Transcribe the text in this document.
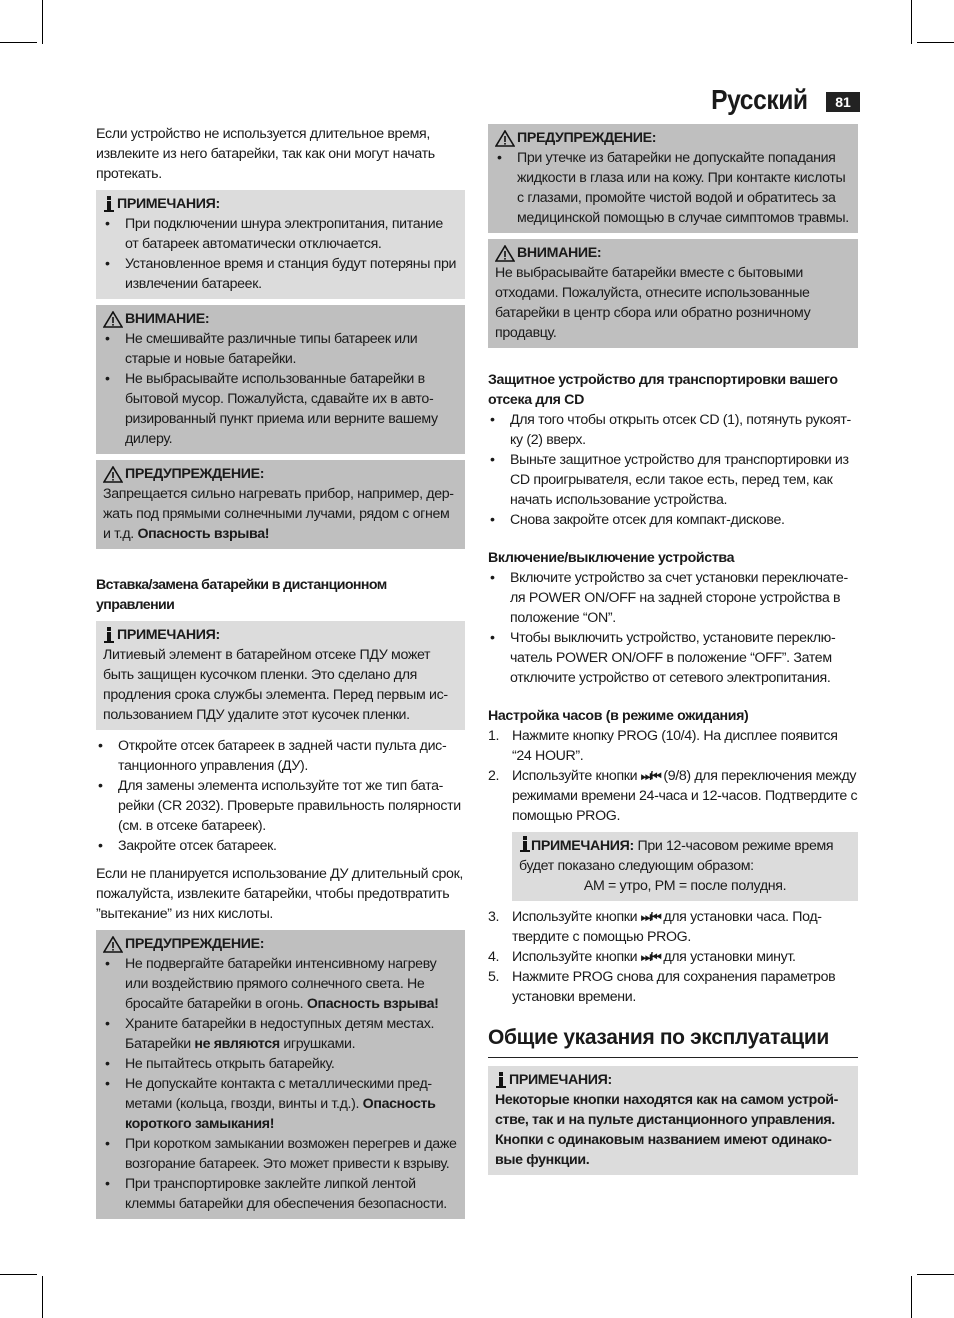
Русский	81

Если устройство не используется длительное время, извлеките из него батарейки, так как они могут начать протекать.

ПРИМЕЧАНИЯ:
• При подключении шнура электропитания, питание от батареек автоматически отключается.
• Установленное время и станция будут потеряны при извлечении батареек.
ВНИМАНИЕ:
• Не смешивайте различные типы батареек или старые и новые батарейки.
• Не выбрасывайте использованные батарейки в бытовой мусор. Пожалуйста, сдавайте их в авторизированный пункт приема или верните вашему дилеру.
ПРЕДУПРЕЖДЕНИЕ:

Запрещается сильно нагревать прибор, например, держать под прямыми солнечными лучами, рядом с огнем и т.д. Опасность взрыва!

Вставка/замена батарейки в дистанционном управлении

ПРИМЕЧАНИЯ:

Литиевый элемент в батарейном отсеке ПДУ может быть защищен кусочком пленки. Это сделано для продления срока службы элемента. Перед первым использованием ПДУ удалите этот кусочек пленки.

• Откройте отсек батареек в задней части пульта дистанционного управления (ДУ).
• Для замены элемента используйте тот же тип батарейки (CR 2032). Проверьте правильность полярности (см. в отсеке батареек).
• Закройте отсек батареек.

Если не планируется использование ДУ длительный срок, пожалуйста, извлеките батарейки, чтобы предотвратить ”вытекание” из них кислоты.

ПРЕДУПРЕЖДЕНИЕ:
• Не подвергайте батарейки интенсивному нагреву или воздействию прямого солнечного света. Не бросайте батарейки в огонь. Опасность взрыва!
• Храните батарейки в недоступных детям местах. Батарейки не являются игрушками.
• Не пытайтесь открыть батарейку.
• Не допускайте контакта с металлическими предметами (кольца, гвозди, винты и т.д.). Опасность короткого замыкания!
• При коротком замыкании возможен перегрев и даже возгорание батареек. Это может привести к взрыву.
• При транспортировке заклейте липкой лентой клеммы батарейки для обеспечения безопасности.
ПРЕДУПРЕЖДЕНИЕ:
• При утечке из батарейки не допускайте попадания жидкости в глаза или на кожу. При контакте кислоты с глазами, промойте чистой водой и обратитесь за медицинской помощью в случае симптомов травмы.
ВНИМАНИЕ:

Не выбрасывайте батарейки вместе с бытовыми отходами. Пожалуйста, отнесите использованные батарейки в центр сбора или обратно розничному продавцу.

Защитное устройство для транспортировки вашего отсека для CD

• Для того чтобы открыть отсек CD (1), потянуть рукоятку (2) вверх.
• Выньте защитное устройство для транспортировки из CD проигрывателя, если такое есть, перед тем, как начать использование устройства.
• Снова закройте отсек для компакт-дисковe.

Включение/выключение устройства

• Включите устройство за счет установки переключателя POWER ON/OFF на задней стороне устройства в положение “ON”.
• Чтобы выключить устройство, установите переключатель POWER ON/OFF в положение “OFF”. Затем отключите устройство от сетевого электропитания.

Настройка часов (в режиме ожидания)

1. Нажмите кнопку PROG (10/4). На дисплее появится “24 HOUR”.
2. Используйте кнопки ⏭/⏮ (9/8) для переключения между режимами времени 24-часа и 12-часов. Подтвердите с помощью PROG.

ПРИМЕЧАНИЯ: При 12-часовом режиме время будет показано следующим образом:

AM = утро, PM = после полудня.

3. Используйте кнопки ⏭/⏮ для установки часа. Подтвердите с помощью PROG.
4. Используйте кнопки ⏭/⏮ для установки минут.
5. Нажмите PROG снова для сохранения параметров установки времени.
Общие указания по эксплуатации
ПРИМЕЧАНИЯ:

Некоторые кнопки находятся как на самом устройстве, так и на пульте дистанционного управления. Кнопки с одинаковым названием имеют одинаковые функции.
